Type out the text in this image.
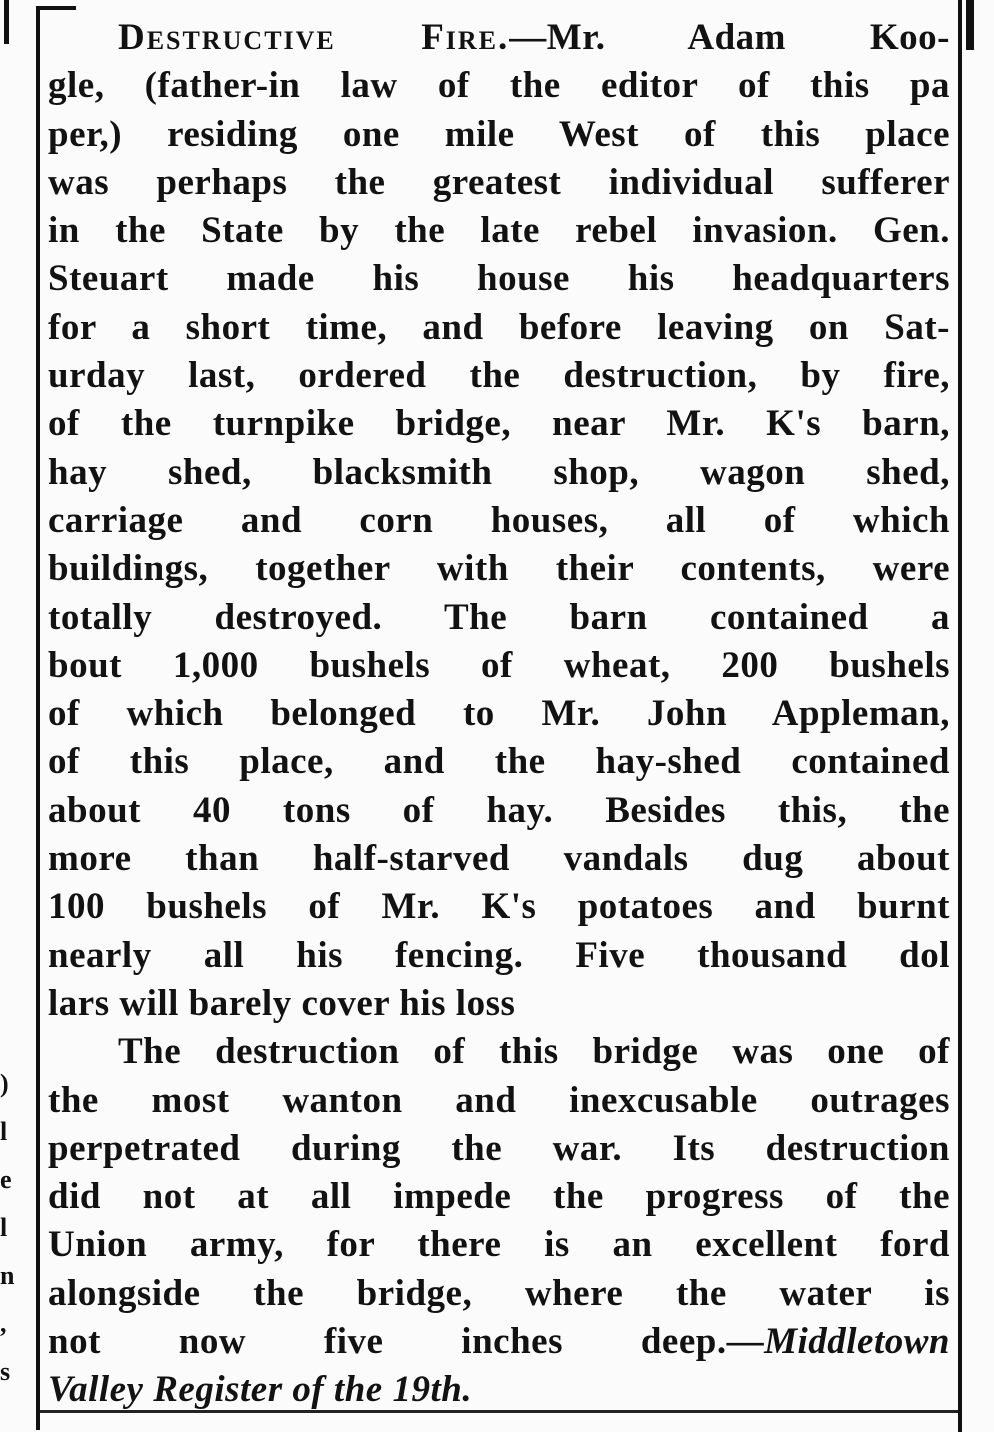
)
l
e
l
n
,
s
Destructive Fire.—Mr. Adam Koo-
gle, (father-in law of the editor of this pa
per,) residing one mile West of this place
was perhaps the greatest individual sufferer
in the State by the late rebel invasion. Gen.
Steuart made his house his headquarters
for a short time, and before leaving on Sat-
urday last, ordered the destruction, by fire,
of the turnpike bridge, near Mr. K's barn,
hay shed, blacksmith shop, wagon shed,
carriage and corn houses, all of which
buildings, together with their contents, were
totally destroyed. The barn contained a
bout 1,000 bushels of wheat, 200 bushels
of which belonged to Mr. John Appleman,
of this place, and the hay-shed contained
about 40 tons of hay. Besides this, the
more than half-starved vandals dug about
100 bushels of Mr. K's potatoes and burnt
nearly all his fencing. Five thousand dol
lars will barely cover his loss
The destruction of this bridge was one of
the most wanton and inexcusable outrages
perpetrated during the war. Its destruction
did not at all impede the progress of the
Union army, for there is an excellent ford
alongside the bridge, where the water is
not now five inches deep.—Middletown
Valley Register of the 19th.
